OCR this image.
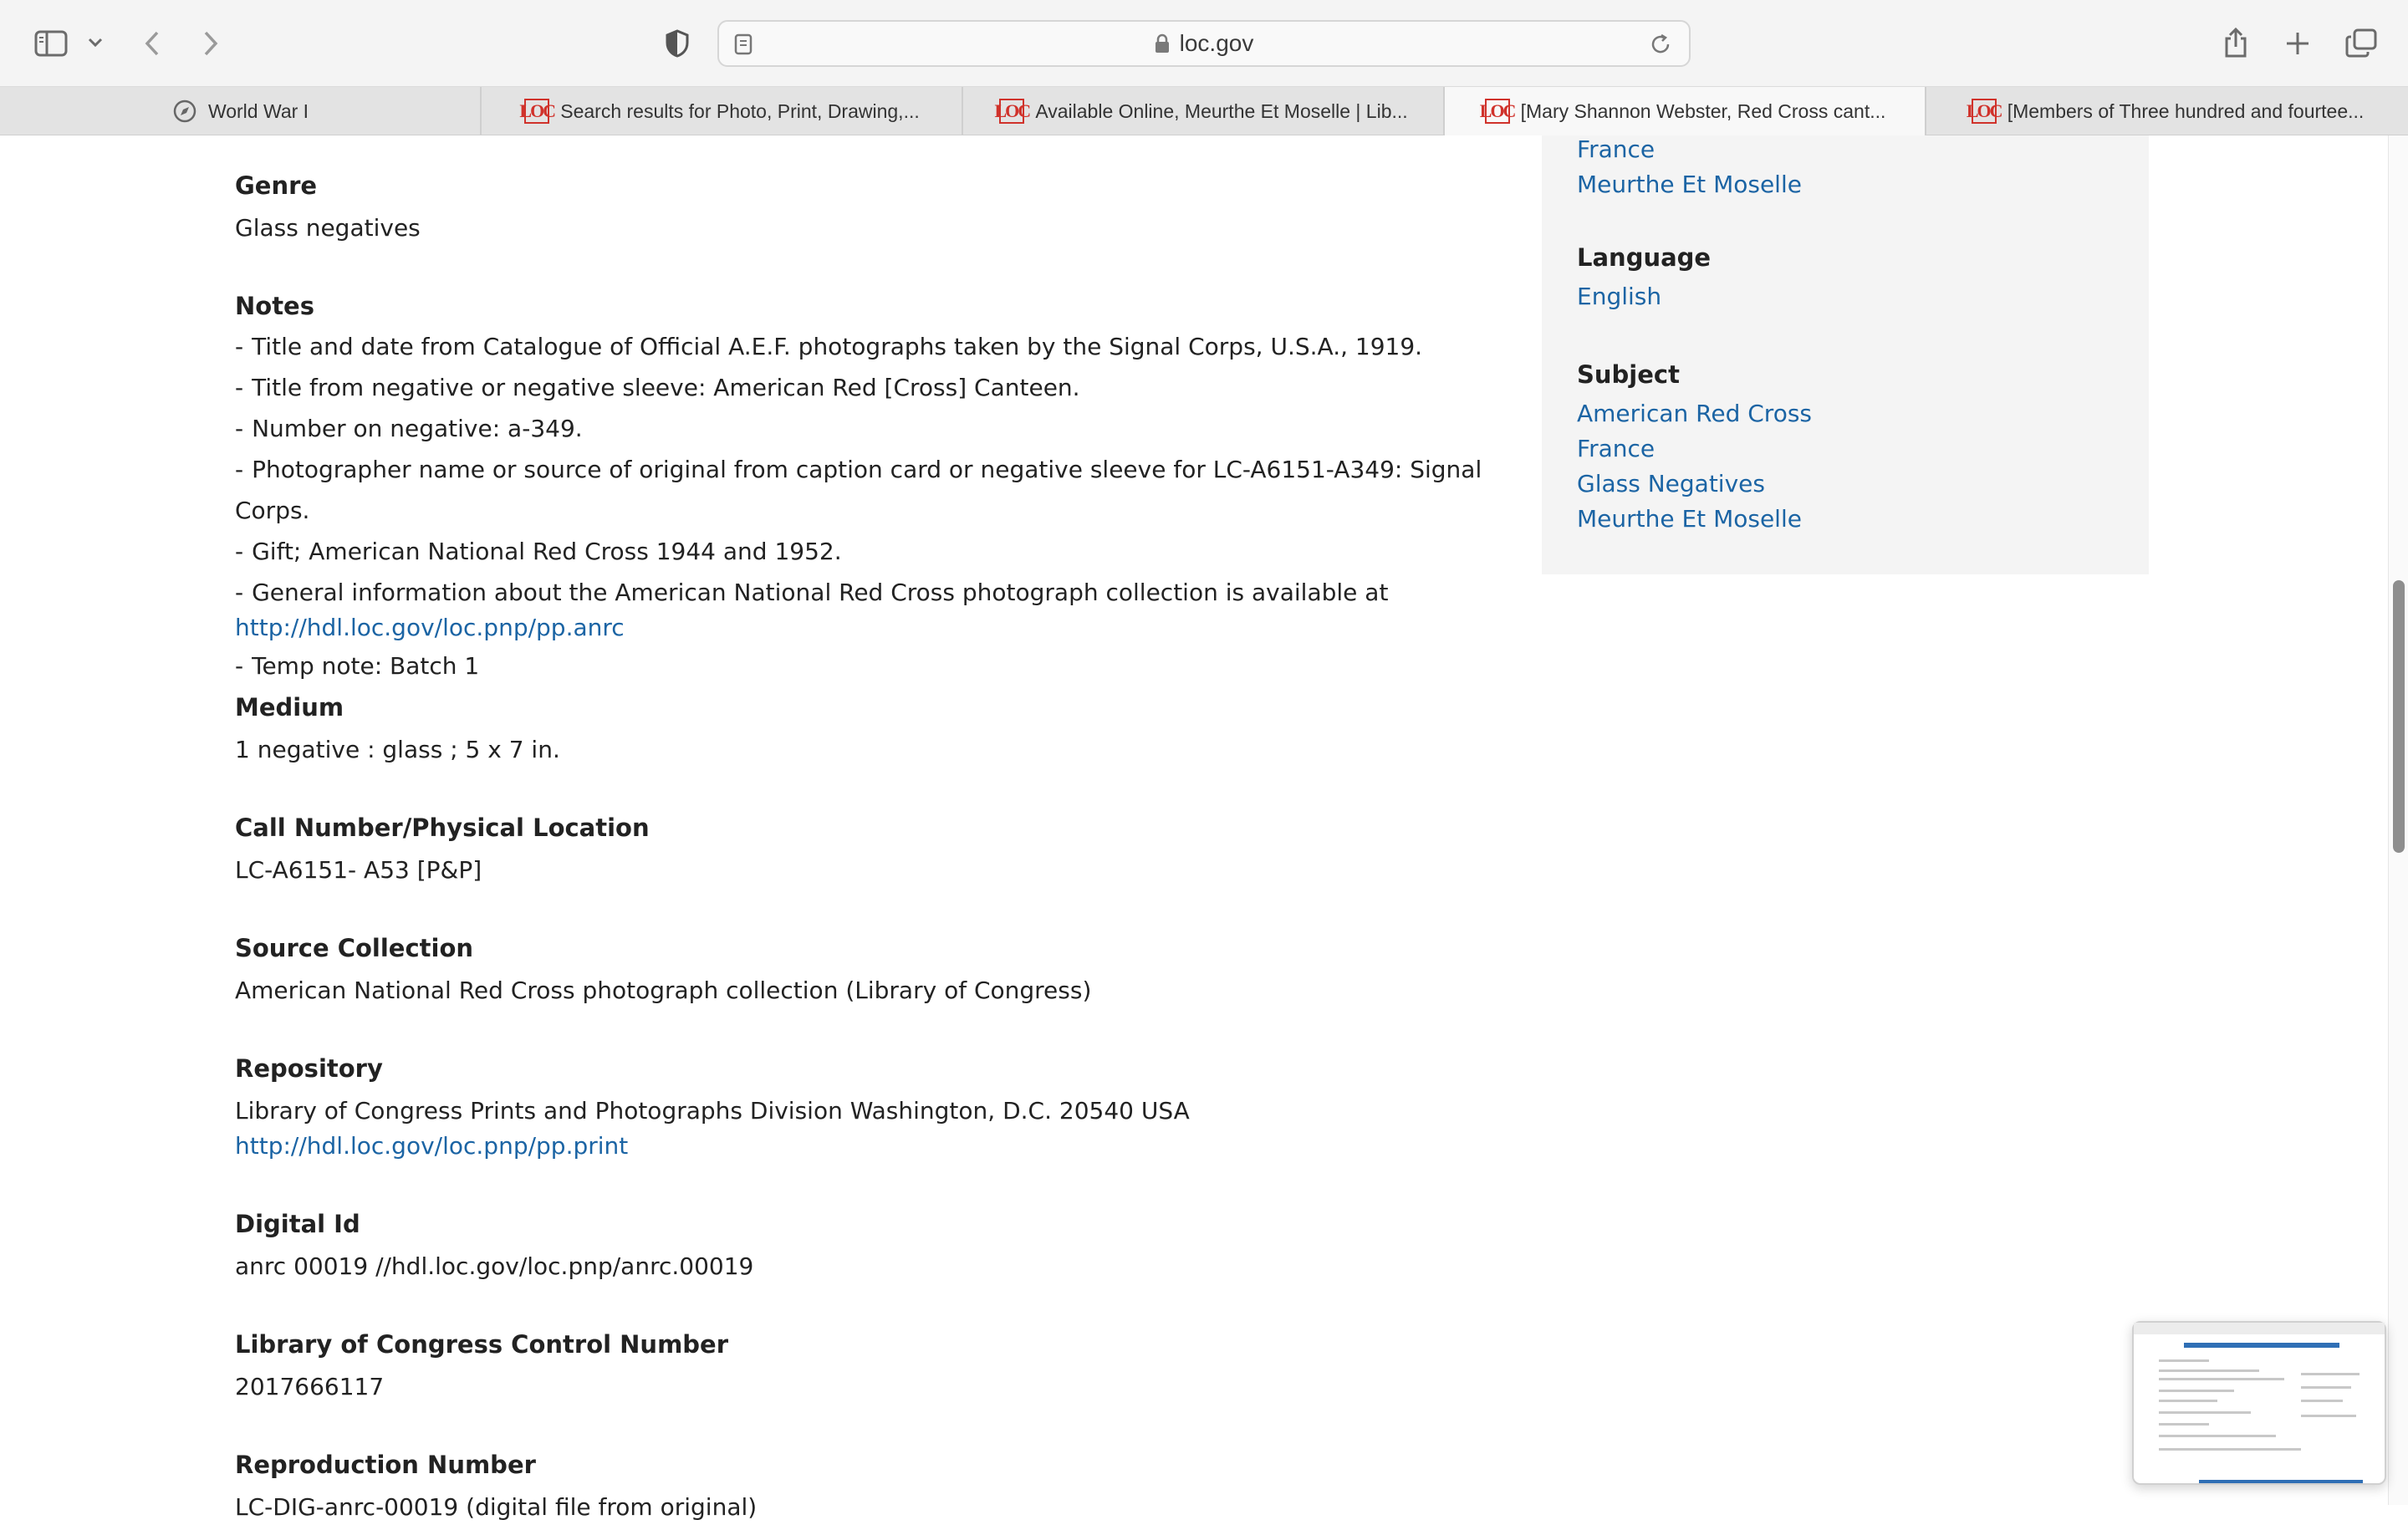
loc.gov
World War I	LOC Search results for Photo, Print, Drawing,...	LOC Available Online, Meurthe Et Moselle | Lib...	LOC [Mary Shannon Webster, Red Cross cant...	LOC [Members of Three hundred and fourtee...
Genre
Glass negatives
Notes
- Title and date from Catalogue of Official A.E.F. photographs taken by the Signal Corps, U.S.A., 1919.
- Title from negative or negative sleeve: American Red [Cross] Canteen.
- Number on negative: a-349.
- Photographer name or source of original from caption card or negative sleeve for LC-A6151-A349: Signal Corps.
- Gift; American National Red Cross 1944 and 1952.
- General information about the American National Red Cross photograph collection is available at
http://hdl.loc.gov/loc.pnp/pp.anrc
- Temp note: Batch 1
Medium
1 negative : glass ; 5 x 7 in.
Call Number/Physical Location
LC-A6151- A53 [P&P]
Source Collection
American National Red Cross photograph collection (Library of Congress)
Repository
Library of Congress Prints and Photographs Division Washington, D.C. 20540 USA
http://hdl.loc.gov/loc.pnp/pp.print
Digital Id
anrc 00019 //hdl.loc.gov/loc.pnp/anrc.00019
Library of Congress Control Number
2017666117
Reproduction Number
LC-DIG-anrc-00019 (digital file from original)
France
Meurthe Et Moselle
Language
English
Subject
American Red Cross
France
Glass Negatives
Meurthe Et Moselle
